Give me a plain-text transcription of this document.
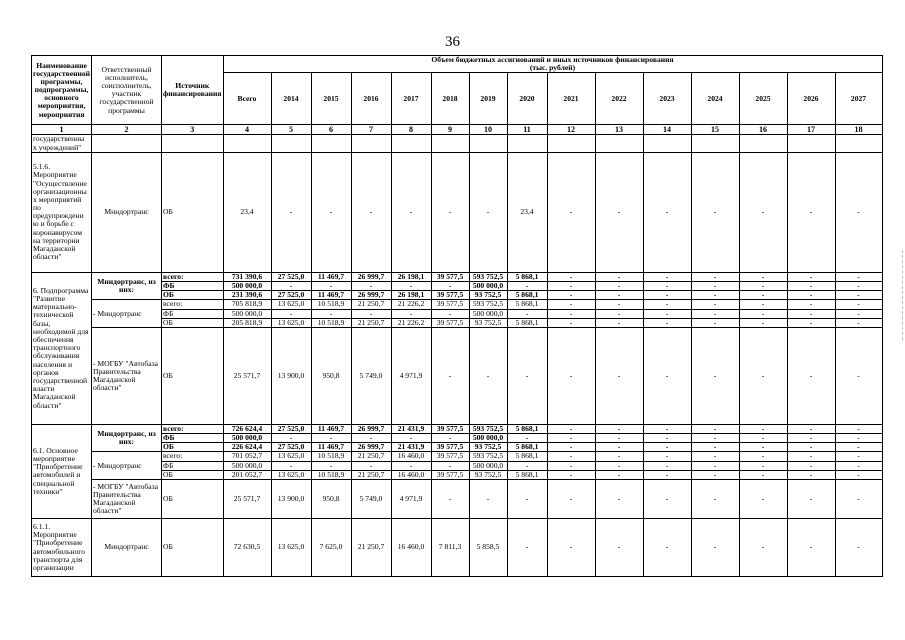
36
Наименование государственной программы, подпрограммы, основного мероприятия, мероприятия	Ответственный исполнитель, соисполнитель, участник государственной программы	Источник финансирования	Объем бюджетных ассигнований и иных источников финансирования
(тыс. рублей)														
			Всего	2014	2015	2016	2017	2018	2019	2020	2021	2022	2023	2024	2025	2026	2027
1	2	3	4	5	6	7	8	9	10	11	12	13	14	15	16	17	18
государственны х учреждений"																	
5.1.6. Мероприятие "Осуществление организационны х мероприятий по предупреждени ю и борьбе с коронавирусом на территории Магаданской области"	Миндортранс	ОБ	23,4	-	-	-	-	-	-	23,4	-	-	-	-	-	-	-
6. Подпрограмма "Развитие материально-технической базы, необходимой для обеспечения транспортного обслуживания населения и органов государственной власти Магаданской области"	Миндортранс, из них:	всего:	731 390,6	27 525,0	11 469,7	26 999,7	26 198,1	39 577,5	593 752,5	5 868,1	-	-	-	-	-	-	-
		ФБ	500 000,0	-	-	-	-	-	500 000,0	-	-	-	-	-	-	-	-
		ОБ	231 390,6	27 525,0	11 469,7	26 999,7	26 198,1	39 577,5	93 752,5	5 868,1	-	-	-	-	-	-	-
	- Миндортранс	всего:	705 818,9	13 625,0	10 518,9	21 250,7	21 226,2	39 577,5	593 752,5	5 868,1	-	-	-	-	-	-	-
		ФБ	500 000,0	-	-	-	-	-	500 000,0	-	-	-	-	-	-	-	-
		ОБ	205 818,9	13 625,0	10 518,9	21 250,7	21 226,2	39 577,5	93 752,5	5 868,1	-	-	-	-	-	-	-
	- МОГБУ "Автобаза Правительства Магаданской области"	ОБ	25 571,7	13 900,0	950,8	5 749,0	4 971,9	-	-	-	-	-	-	-	-	-	-
6.1. Основное мероприятие "Приобретение автомобилей и специальной техники"	Миндортранс, из них:	всего:	726 624,4	27 525,0	11 469,7	26 999,7	21 431,9	39 577,5	593 752,5	5 868,1	-	-	-	-	-	-	-
		ФБ	500 000,0	-	-	-	-	-	500 000,0	-	-	-	-	-	-	-	-
		ОБ	226 624,4	27 525,0	11 469,7	26 999,7	21 431,9	39 577,5	93 752,5	5 868,1	-	-	-	-	-	-	-
	- Миндортранс	всего:	701 052,7	13 625,0	10 518,9	21 250,7	16 460,0	39 577,5	593 752,5	5 868,1	-	-	-	-	-	-	-
		ФБ	500 000,0	-	-	-	-	-	500 000,0	-	-	-	-	-	-	-	-
		ОБ	201 052,7	13 625,0	10 518,9	21 250,7	16 460,0	39 577,5	93 752,5	5 868,1	-	-	-	-	-	-	-
	- МОГБУ "Автобаза Правительства Магаданской области"	ОБ	25 571,7	13 900,0	950,8	5 749,0	4 971,9	-	-	-	-	-	-	-	-	-	-
6.1.1. Мероприятие "Приобретение автомобильного транспорта для организации	Миндортранс	ОБ	72 630,5	13 625,0	7 625,0	21 250,7	16 460,0	7 811,3	5 858,5	-	-	-	-	-	-	-	-
